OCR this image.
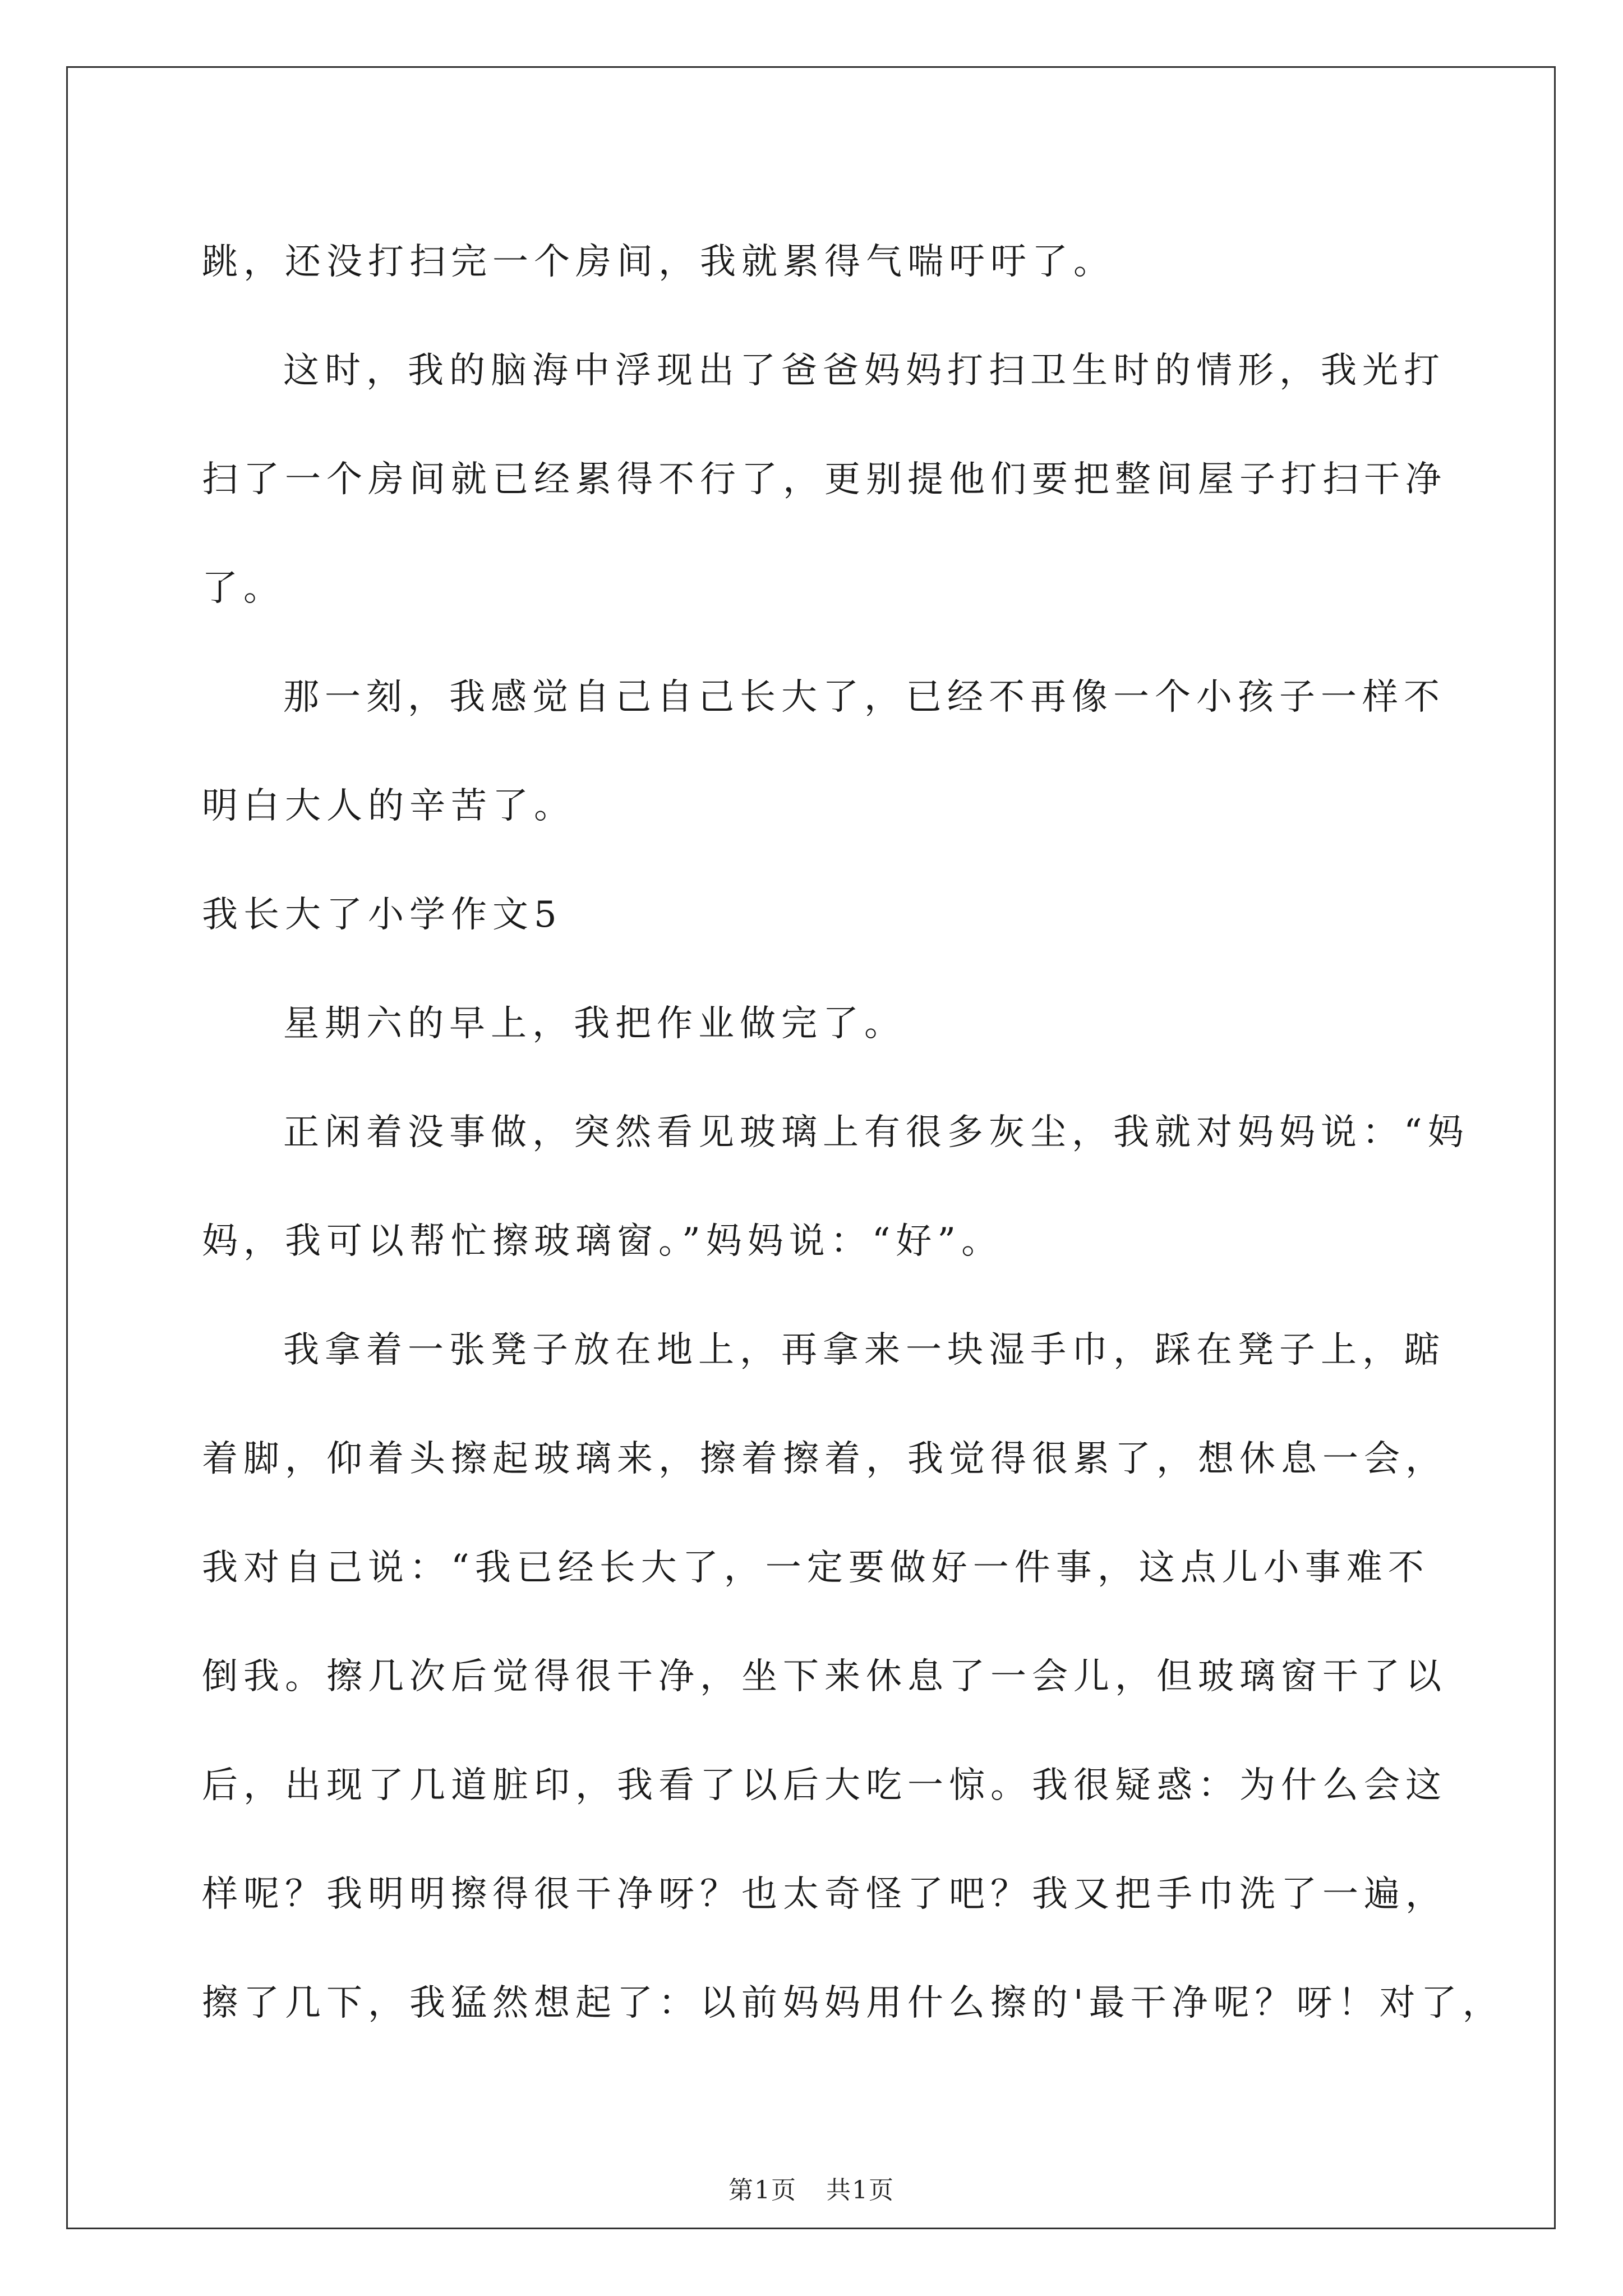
跳，还没打扫完一个房间，我就累得气喘吁吁了。
这时，我的脑海中浮现出了爸爸妈妈打扫卫生时的情形，我光打
扫了一个房间就已经累得不行了，更别提他们要把整间屋子打扫干净
了。
那一刻，我感觉自己自己长大了，已经不再像一个小孩子一样不
明白大人的辛苦了。
我长大了小学作文5
星期六的早上，我把作业做完了。
正闲着没事做，突然看见玻璃上有很多灰尘，我就对妈妈说：“妈
妈，我可以帮忙擦玻璃窗。”妈妈说：“好”。
我拿着一张凳子放在地上，再拿来一块湿手巾，踩在凳子上，踮
着脚，仰着头擦起玻璃来，擦着擦着，我觉得很累了，想休息一会，
我对自己说：“我已经长大了，一定要做好一件事，这点儿小事难不
倒我。擦几次后觉得很干净，坐下来休息了一会儿，但玻璃窗干了以
后，出现了几道脏印，我看了以后大吃一惊。我很疑惑：为什么会这
样呢？我明明擦得很干净呀？也太奇怪了吧？我又把手巾洗了一遍，
擦了几下，我猛然想起了：以前妈妈用什么擦的'最干净呢？呀！对了，
第1页 共1页
